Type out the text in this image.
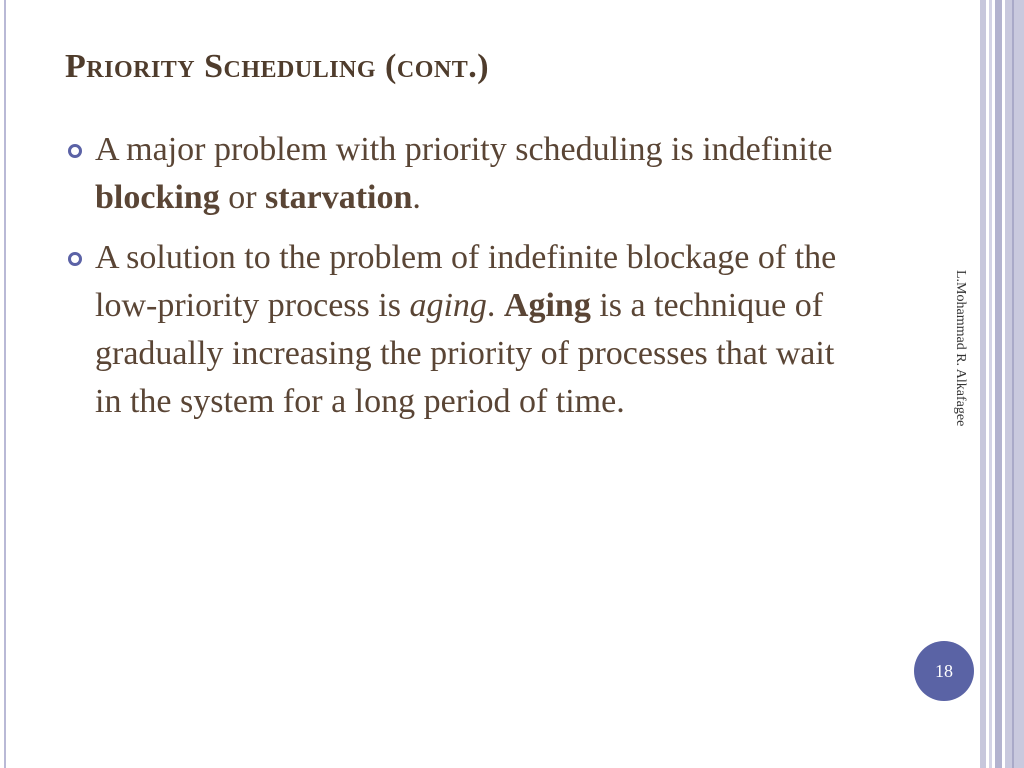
Priority Scheduling (cont.)
A major problem with priority scheduling is indefinite blocking or starvation.
A solution to the problem of indefinite blockage of the low-priority process is aging. Aging is a technique of gradually increasing the priority of processes that wait in the system for a long period of time.	L.Mohammad R. Alkafagee
18
